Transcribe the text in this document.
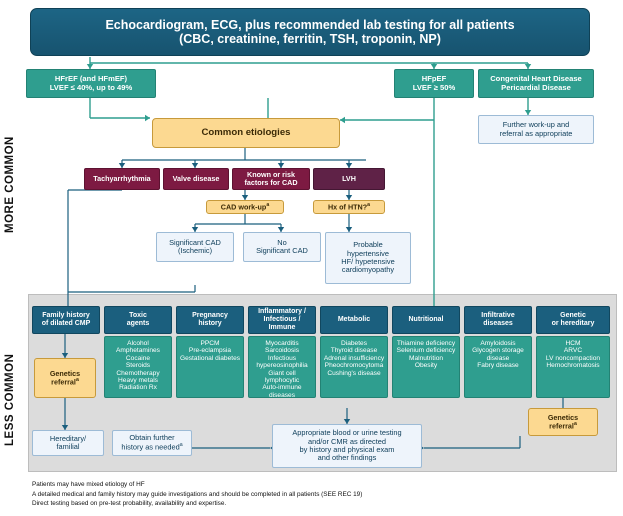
MORE COMMON
LESS COMMON
Echocardiogram, ECG, plus recommended lab testing for all patients
(CBC, creatinine, ferritin, TSH, troponin, NP)
HFrEF (and HFmEF)
LVEF ≤ 40%, up to 49%
HFpEF
LVEF ≥ 50%
Congenital Heart Disease
Pericardial Disease
Further work-up and
referral as appropriate
Common etiologies
Tachyarrhythmia	Valve disease	Known or risk
factors for CAD	LVH
CAD work-$up^a$	Hx of HTN?$^a$
Significant CAD
(Ischemic)
No
Significant CAD
Probable
hypertensive
HF/ hypetensive
cardiomyopathy
Family history
of dilated CMP
Toxic
agents
Pregnancy
history
Inflammatory /
Infectious /
Immune
Metabolic	Nutritional
Infiltrative
diseases
Genetic
or hereditary
Alcohol
Amphetamines
Cocaine
Steroids
Chemotherapy
Heavy metals
Radiation Rx
PPCM
Pre-eclampsia
Gestational diabetes
Myocarditis
Sarcoidosis
Infectious hypereosinophilia
Giant cell
lymphocytic
Auto-immune diseases
Diabetes
Thyroid disease
Adrenal insufficiency
Pheochromocytoma
Cushing's disease
Thiamine deficiency
Selenium deficiency
Malnutrition
Obesity
Amyloidosis
Glycogen storage disease
Fabry disease
HCM
ARVC
LV noncompaction
Hemochromatosis
Genetics
referral$^a$
Genetics
referral$^a$
Hereditary/
familial
Obtain further
history as needed$^a$
Appropriate blood or urine testing
and/or CMR as directed
by history and physical exam
and other findings
Patients may have mixed etiology of HF
A detailed medical and family history may guide investigations and should be completed in all patients (SEE REC 19)
Direct testing based on pre-test probability, availability and expertise.
